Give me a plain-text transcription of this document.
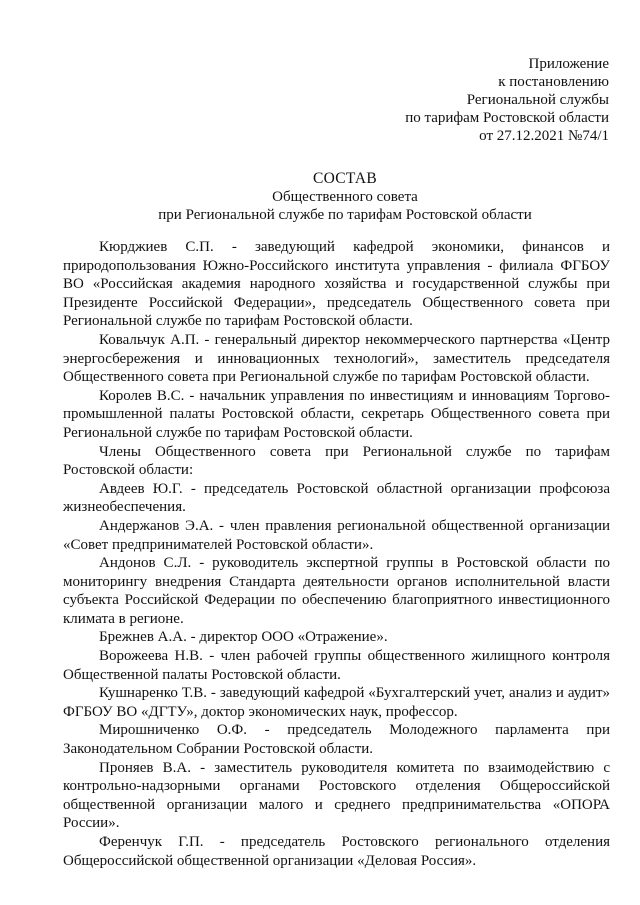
Приложение
к постановлению
Региональной службы
по тарифам Ростовской области
от 27.12.2021 №74/1
СОСТАВ
Общественного совета
при Региональной службе по тарифам Ростовской области

Кюрджиев С.П. - заведующий кафедрой экономики, финансов и природопользования Южно-Российского института управления - филиала ФГБОУ ВО «Российская академия народного хозяйства и государственной службы при Президенте Российской Федерации», председатель Общественного совета при Региональной службе по тарифам Ростовской области.

Ковальчук А.П. - генеральный директор некоммерческого партнерства «Центр энергосбережения и инновационных технологий», заместитель председателя Общественного совета при Региональной службе по тарифам Ростовской области.

Королев В.С. - начальник управления по инвестициям и инновациям Торгово-промышленной палаты Ростовской области, секретарь Общественного совета при Региональной службе по тарифам Ростовской области.

Члены Общественного совета при Региональной службе по тарифам Ростовской области:

Авдеев Ю.Г. - председатель Ростовской областной организации профсоюза жизнеобеспечения.

Андержанов Э.А. - член правления региональной общественной организации «Совет предпринимателей Ростовской области».

Андонов С.Л. - руководитель экспертной группы в Ростовской области по мониторингу внедрения Стандарта деятельности органов исполнительной власти субъекта Российской Федерации по обеспечению благоприятного инвестиционного климата в регионе.

Брежнев А.А. - директор ООО «Отражение».

Ворожеева Н.В. - член рабочей группы общественного жилищного контроля Общественной палаты Ростовской области.

Кушнаренко Т.В. - заведующий кафедрой «Бухгалтерский учет, анализ и аудит» ФГБОУ ВО «ДГТУ», доктор экономических наук, профессор.

Мирошниченко О.Ф. - председатель Молодежного парламента при Законодательном Собрании Ростовской области.

Проняев В.А. - заместитель руководителя комитета по взаимодействию с контрольно-надзорными органами Ростовского отделения Общероссийской общественной организации малого и среднего предпринимательства «ОПОРА России».

Ференчук Г.П. - председатель Ростовского регионального отделения Общероссийской общественной организации «Деловая Россия».
